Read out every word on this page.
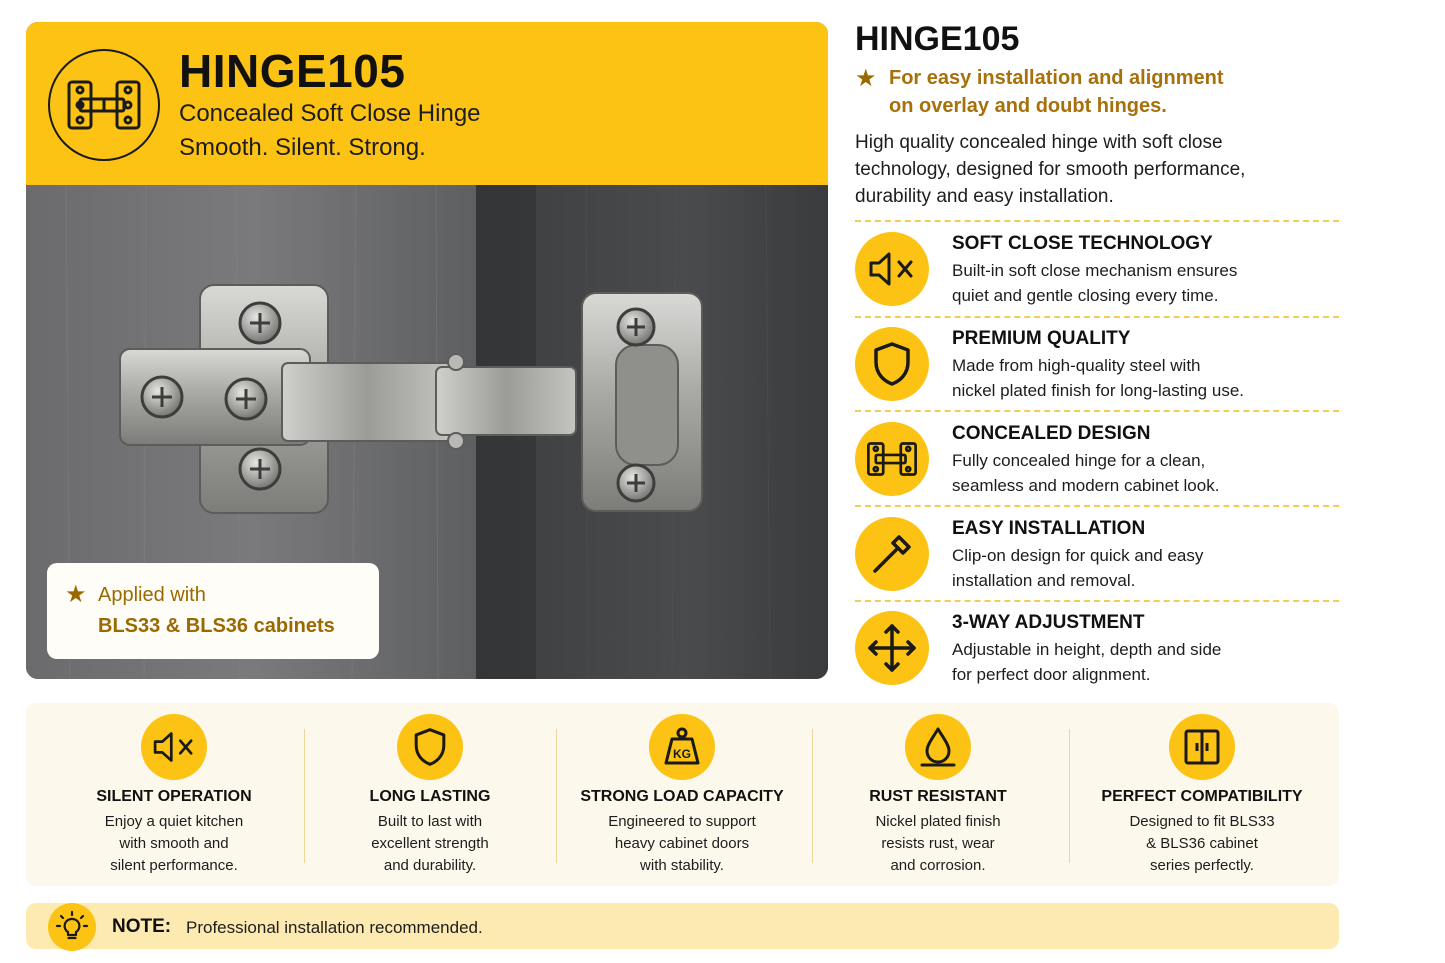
HINGE105
Concealed Soft Close Hinge
Smooth. Silent. Strong.
★ Applied with
BLS33 & BLS36 cabinets
HINGE105
★ For easy installation and alignment
on overlay and doubt hinges.
High quality concealed hinge with soft close
technology, designed for smooth performance,
durability and easy installation.
SOFT CLOSE TECHNOLOGY
Built-in soft close mechanism ensures
quiet and gentle closing every time.
PREMIUM QUALITY
Made from high-quality steel with
nickel plated finish for long-lasting use.
CONCEALED DESIGN
Fully concealed hinge for a clean,
seamless and modern cabinet look.
EASY INSTALLATION
Clip-on design for quick and easy
installation and removal.
3-WAY ADJUSTMENT
Adjustable in height, depth and side
for perfect door alignment.
SILENT OPERATION
Enjoy a quiet kitchen
with smooth and
silent performance.
LONG LASTING
Built to last with
excellent strength
and durability.
KG
STRONG LOAD CAPACITY
Engineered to support
heavy cabinet doors
with stability.
RUST RESISTANT
Nickel plated finish
resists rust, wear
and corrosion.
PERFECT COMPATIBILITY
Designed to fit BLS33
& BLS36 cabinet
series perfectly.
NOTE: Professional installation recommended.
